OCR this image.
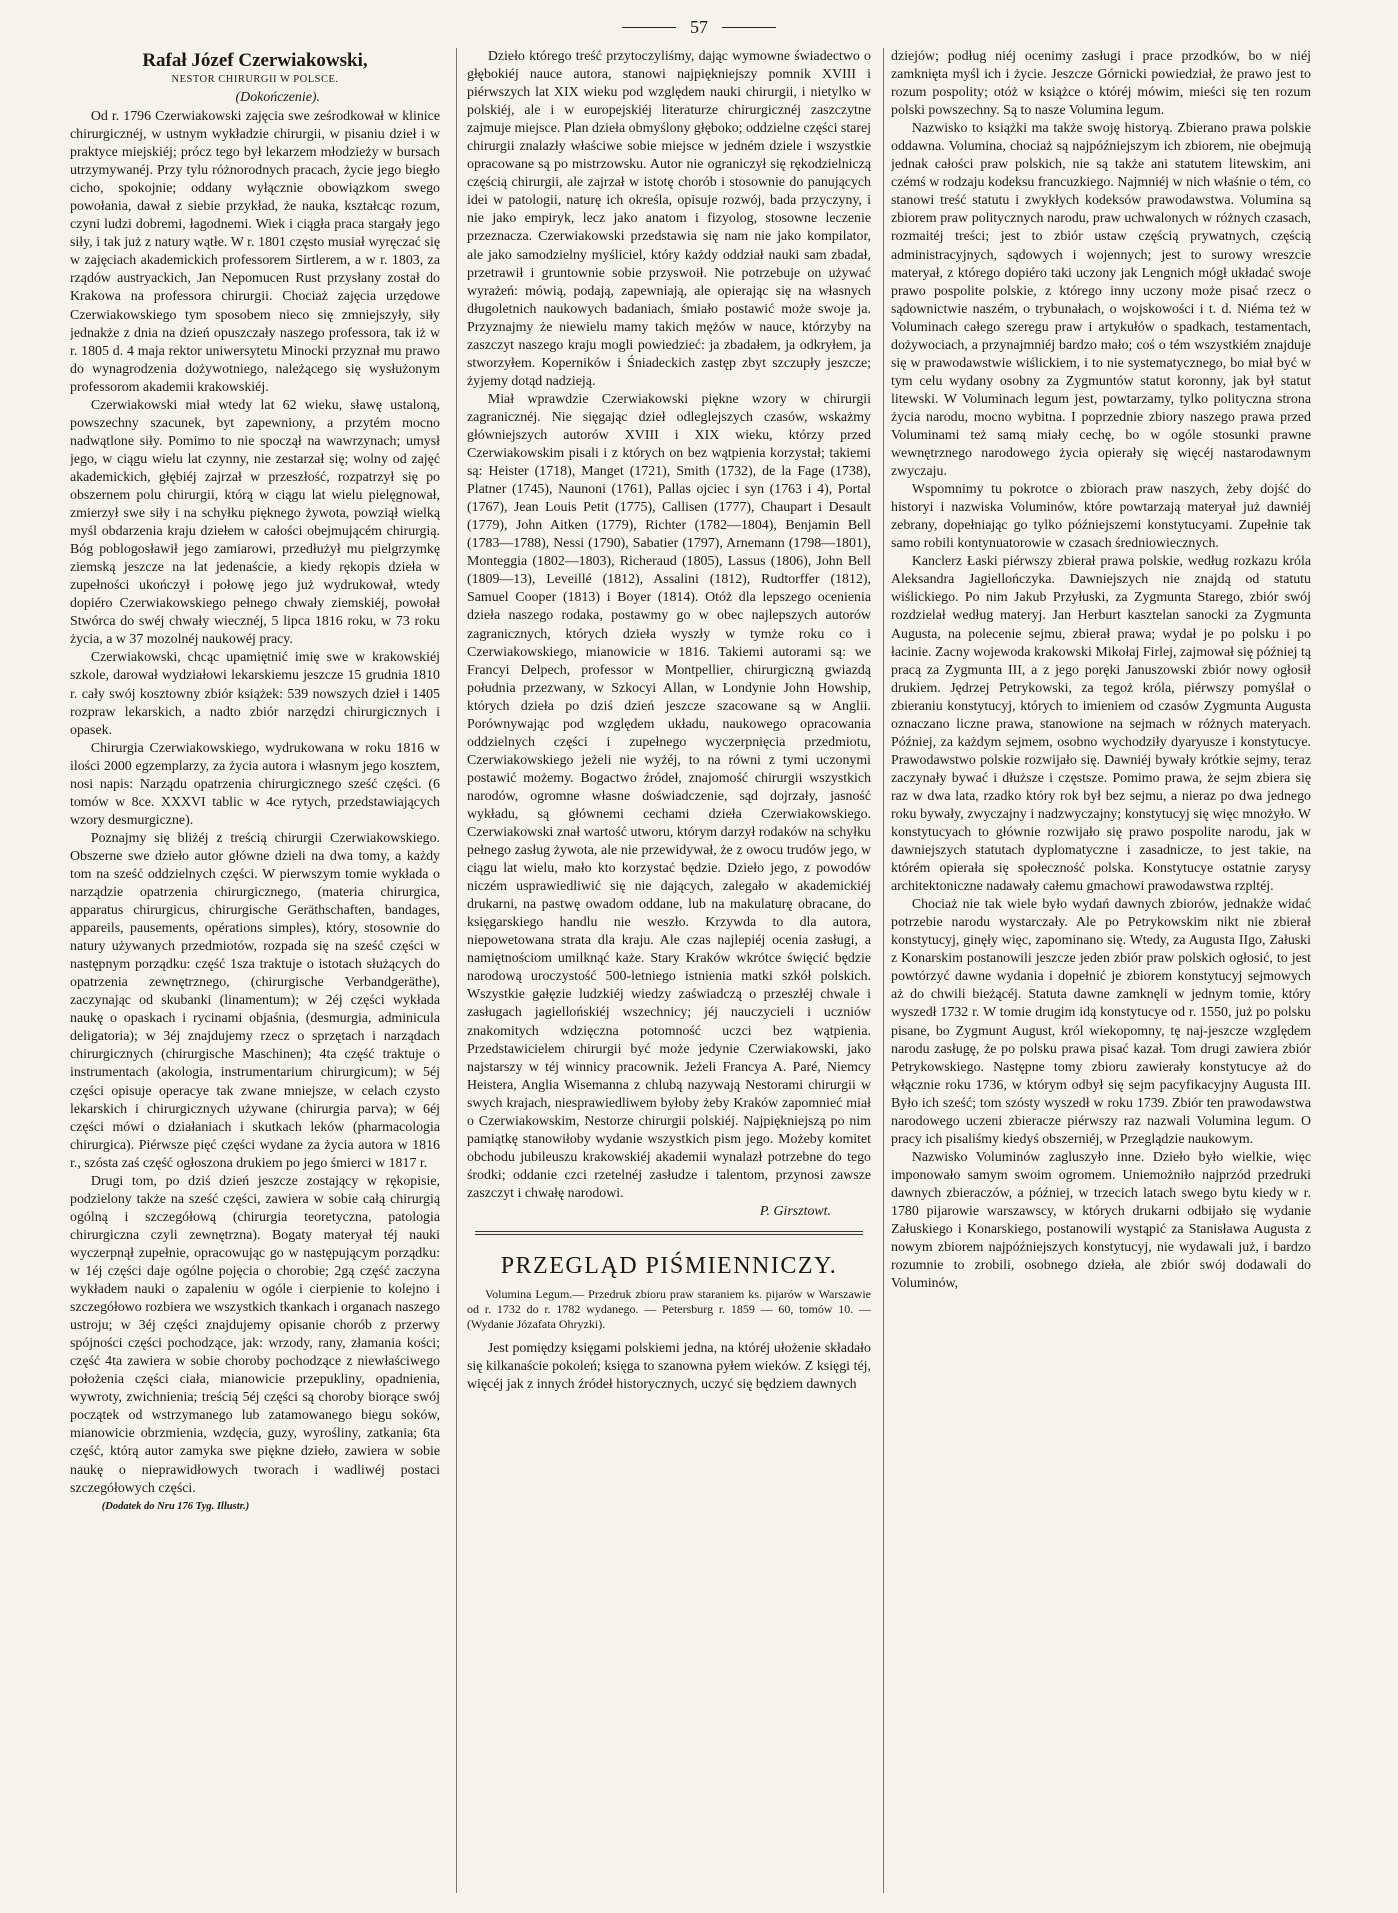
57
Rafał Józef Czerwiakowski,
NESTOR CHIRURGII W POLSCE.
(Dokończenie).

Od r. 1796 Czerwiakowski zajęcia swe ześrodkował w klinice chirurgicznéj, w ustnym wykładzie chirurgii, w pisaniu dzieł i w praktyce miejskiéj; prócz tego był lekarzem młodzieży w bursach utrzymywanéj. Przy tylu różnorodnych pracach, życie jego biegło cicho, spokojnie; oddany wyłącznie obowiązkom swego powołania, dawał z siebie przykład, że nauka, kształcąc rozum, czyni ludzi dobremi, łagodnemi. Wiek i ciągła praca stargały jego siły, i tak już z natury wątłe. W r. 1801 często musiał wyręczać się w zajęciach akademickich professorem Sirtlerem, a w r. 1803, za rządów austryackich, Jan Nepomucen Rust przysłany został do Krakowa na professora chirurgii. Chociaż zajęcia urzędowe Czerwiakowskiego tym sposobem nieco się zmniejszyły, siły jednakże z dnia na dzień opuszczały naszego professora, tak iż w r. 1805 d. 4 maja rektor uniwersytetu Minocki przyznał mu prawo do wynagrodzenia dożywotniego, należącego się wysłużonym professorom akademii krakowskiéj.

Czerwiakowski miał wtedy lat 62 wieku, sławę ustaloną, powszechny szacunek, byt zapewniony, a przytém mocno nadwątlone siły. Pomimo to nie spoczął na wawrzynach; umysł jego, w ciągu wielu lat czynny, nie zestarzał się; wolny od zajęć akademickich, głębiéj zajrzał w przeszłość, rozpatrzył się po obszernem polu chirurgii, którą w ciągu lat wielu pielęgnował, zmierzył swe siły i na schyłku pięknego żywota, powziął wielką myśl obdarzenia kraju dziełem w całości obejmującém chirurgią. Bóg poblogosławił jego zamiarowi, przedłużył mu pielgrzymkę ziemską jeszcze na lat jedenaście, a kiedy rękopis dzieła w zupełności ukończył i połowę jego już wydrukował, wtedy dopiéro Czerwiakowskiego pełnego chwały ziemskiéj, powołał Stwórca do swéj chwały wiecznéj, 5 lipca 1816 roku, w 73 roku życia, a w 37 mozolnéj naukowéj pracy.

Czerwiakowski, chcąc upamiętnić imię swe w krakowskiéj szkole, darował wydziałowi lekarskiemu jeszcze 15 grudnia 1810 r. cały swój kosztowny zbiór książek: 539 nowszych dzieł i 1405 rozpraw lekarskich, a nadto zbiór narzędzi chirurgicznych i opasek.

Chirurgia Czerwiakowskiego, wydrukowana w roku 1816 w ilości 2000 egzemplarzy, za życia autora i własnym jego kosztem, nosi napis: Narządu opatrzenia chirurgicznego sześć części. (6 tomów w 8ce. XXXVI tablic w 4ce rytych, przedstawiających wzory desmurgiczne).

Poznajmy się bliżéj z treścią chirurgii Czerwiakowskiego. Obszerne swe dzieło autor główne dzieli na dwa tomy, a każdy tom na sześć oddzielnych części. W pierwszym tomie wykłada o narządzie opatrzenia chirurgicznego, (materia chirurgica, apparatus chirurgicus, chirurgische Geräthschaften, bandages, appareils, pausements, opérations simples), który, stosownie do natury używanych przedmiotów, rozpada się na sześć części w następnym porządku: część 1sza traktuje o istotach służących do opatrzenia zewnętrznego, (chirurgische Verbandgeräthe), zaczynając od skubanki (linamentum); w 2éj części wykłada naukę o opaskach i rycinami objaśnia, (desmurgia, adminicula deligatoria); w 3éj znajdujemy rzecz o sprzętach i narządach chirurgicznych (chirurgische Maschinen); 4ta część traktuje o instrumentach (akologia, instrumentarium chirurgicum); w 5éj części opisuje operacye tak zwane mniejsze, w celach czysto lekarskich i chirurgicznych używane (chirurgia parva); w 6éj części mówi o działaniach i skutkach leków (pharmacologia chirurgica). Piérwsze pięć części wydane za życia autora w 1816 r., szósta zaś część ogłoszona drukiem po jego śmierci w 1817 r.

Drugi tom, po dziś dzień jeszcze zostający w rękopisie, podzielony także na sześć części, zawiera w sobie całą chirurgią ogólną i szczegółową (chirurgia teoretyczna, patologia chirurgiczna czyli zewnętrzna). Bogaty materyał téj nauki wyczerpnął zupełnie, opracowując go w następującym porządku: w 1éj części daje ogólne pojęcia o chorobie; 2gą część zaczyna wykładem nauki o zapaleniu w ogóle i cierpienie to kolejno i szczegółowo rozbiera we wszystkich tkankach i organach naszego ustroju; w 3éj części znajdujemy opisanie chorób z przerwy spójności części pochodzące, jak: wrzody, rany, złamania kości; część 4ta zawiera w sobie choroby pochodzące z niewłaściwego położenia części ciała, mianowicie przepukliny, opadnienia, wywroty, zwichnienia; treścią 5éj części są choroby biorące swój początek od wstrzymanego lub zatamowanego biegu soków, mianowicie obrzmienia, wzdęcia, guzy, wyrośliny, zatkania; 6ta część, którą autor zamyka swe piękne dzieło, zawiera w sobie naukę o nieprawidłowych tworach i wadliwéj postaci szczegółowych części.

(Dodatek do Nru 176 Tyg. Illustr.)

Dzieło którego treść przytoczyliśmy, dając wymowne świadectwo o głębokiéj nauce autora, stanowi najpiękniejszy pomnik XVIII i piérwszych lat XIX wieku pod względem nauki chirurgii, i nietylko w polskiéj, ale i w europejskiéj literaturze chirurgicznéj zaszczytne zajmuje miejsce. Plan dzieła obmyślony głęboko; oddzielne części starej chirurgii znalazły właściwe sobie miejsce w jedném dziele i wszystkie opracowane są po mistrzowsku. Autor nie ograniczył się rękodzielniczą częścią chirurgii, ale zajrzał w istotę chorób i stosownie do panujących idei w patologii, naturę ich określa, opisuje rozwój, bada przyczyny, i nie jako empiryk, lecz jako anatom i fizyolog, stosowne leczenie przeznacza. Czerwiakowski przedstawia się nam nie jako kompilator, ale jako samodzielny myśliciel, który każdy oddział nauki sam zbadał, przetrawił i gruntownie sobie przyswoił. Nie potrzebuje on używać wyrażeń: mówią, podają, zapewniają, ale opierając się na własnych długoletnich naukowych badaniach, śmiało postawić może swoje ja. Przyznajmy że niewielu mamy takich mężów w nauce, którzyby na zaszczyt naszego kraju mogli powiedzieć: ja zbadałem, ja odkryłem, ja stworzyłem. Koperników i Śniadeckich zastęp zbyt szczupły jeszcze; żyjemy dotąd nadzieją.

Miał wprawdzie Czerwiakowski piękne wzory w chirurgii zagranicznéj. Nie sięgając dzieł odleglejszych czasów, wskażmy główniejszych autorów XVIII i XIX wieku, którzy przed Czerwiakowskim pisali i z których on bez wątpienia korzystał; takiemi są: Heister (1718), Manget (1721), Smith (1732), de la Fage (1738), Platner (1745), Naunoni (1761), Pallas ojciec i syn (1763 i 4), Portal (1767), Jean Louis Petit (1775), Callisen (1777), Chaupart i Desault (1779), John Aitken (1779), Richter (1782—1804), Benjamin Bell (1783—1788), Nessi (1790), Sabatier (1797), Arnemann (1798—1801), Monteggia (1802—1803), Richeraud (1805), Lassus (1806), John Bell (1809—13), Leveillé (1812), Assalini (1812), Rudtorffer (1812), Samuel Cooper (1813) i Boyer (1814). Otóż dla lepszego ocenienia dzieła naszego rodaka, postawmy go w obec najlepszych autorów zagranicznych, których dzieła wyszły w tymże roku co i Czerwiakowskiego, mianowicie w 1816. Takiemi autorami są: we Francyi Delpech, professor w Montpellier, chirurgiczną gwiazdą południa przezwany, w Szkocyi Allan, w Londynie John Howship, których dzieła po dziś dzień jeszcze szacowane są w Anglii. Porównywając pod względem układu, naukowego opracowania oddzielnych części i zupełnego wyczerpnięcia przedmiotu, Czerwiakowskiego jeżeli nie wyżéj, to na równi z tymi uczonymi postawić możemy. Bogactwo źródeł, znajomość chirurgii wszystkich narodów, ogromne własne doświadczenie, sąd dojrzały, jasność wykładu, są głównemi cechami dzieła Czerwiakowskiego. Czerwiakowski znał wartość utworu, którym darzył rodaków na schyłku pełnego zasług żywota, ale nie przewidywał, że z owocu trudów jego, w ciągu lat wielu, mało kto korzystać będzie. Dzieło jego, z powodów niczém usprawiedliwić się nie dających, zalegało w akademickiéj drukarni, na pastwę owadom oddane, lub na makulaturę obracane, do księgarskiego handlu nie weszło. Krzywda to dla autora, niepowetowana strata dla kraju. Ale czas najlepiéj ocenia zasługi, a namiętnościom umilknąć każe. Stary Kraków wkrótce święcić będzie narodową uroczystość 500-letniego istnienia matki szkół polskich. Wszystkie gałęzie ludzkiéj wiedzy zaświadczą o przeszłéj chwale i zasługach jagiellońskiéj wszechnicy; jéj nauczycieli i uczniów znakomitych wdzięczna potomność uczci bez wątpienia. Przedstawicielem chirurgii być może jedynie Czerwiakowski, jako najstarszy w téj winnicy pracownik. Jeżeli Francya A. Paré, Niemcy Heistera, Anglia Wisemanna z chlubą nazywają Nestorami chirurgii w swych krajach, niesprawiedliwem byłoby żeby Kraków zapomnieć miał o Czerwiakowskim, Nestorze chirurgii polskiéj. Najpiękniejszą po nim pamiątkę stanowiłoby wydanie wszystkich pism jego. Możeby komitet obchodu jubileuszu krakowskiéj akademii wynalazł potrzebne do tego środki; oddanie czci rzetelnéj zasłudze i talentom, przynosi zawsze zaszczyt i chwałę narodowi.

P. Girsztowt.

PRZEGLĄD PIŚMIENNICZY.

Volumina Legum.— Przedruk zbioru praw staraniem ks. pijarów w Warszawie od r. 1732 do r. 1782 wydanego. — Petersburg r. 1859 — 60, tomów 10. — (Wydanie Józafata Ohryzki).

Jest pomiędzy księgami polskiemi jedna, na któréj ułożenie składało się kilkanaście pokoleń; księga to szanowna pyłem wieków. Z księgi téj, więcéj jak z innych źródeł historycznych, uczyć się będziem dawnych

dziejów; podług niéj ocenimy zasługi i prace przodków, bo w niéj zamknięta myśl ich i życie. Jeszcze Górnicki powiedział, że prawo jest to rozum pospolity; otóż w książce o któréj mówim, mieści się ten rozum polski powszechny. Są to nasze Volumina legum.

Nazwisko to książki ma także swoję historyą. Zbierano prawa polskie oddawna. Volumina, chociaż są najpóźniejszym ich zbiorem, nie obejmują jednak całości praw polskich, nie są także ani statutem litewskim, ani czémś w rodzaju kodeksu francuzkiego. Najmniéj w nich właśnie o tém, co stanowi treść statutu i zwykłych kodeksów prawodawstwa. Volumina są zbiorem praw politycznych narodu, praw uchwalonych w różnych czasach, rozmaitéj treści; jest to zbiór ustaw częścią prywatnych, częścią administracyjnych, sądowych i wojennych; jest to surowy wreszcie materyał, z którego dopiéro taki uczony jak Lengnich mógł układać swoje prawo pospolite polskie, z którego inny uczony może pisać rzecz o sądownictwie naszém, o trybunałach, o wojskowości i t. d. Niéma też w Voluminach całego szeregu praw i artykułów o spadkach, testamentach, dożywociach, a przynajmniéj bardzo mało; coś o tém wszystkiém znajduje się w prawodawstwie wiślickiem, i to nie systematycznego, bo miał być w tym celu wydany osobny za Zygmuntów statut koronny, jak był statut litewski. W Voluminach legum jest, powtarzamy, tylko polityczna strona życia narodu, mocno wybitna. I poprzednie zbiory naszego prawa przed Voluminami też samą miały cechę, bo w ogóle stosunki prawne wewnętrznego narodowego życia opierały się więcéj nastarodawnym zwyczaju.

Wspomnimy tu pokrotce o zbiorach praw naszych, żeby dojść do historyi i nazwiska Voluminów, które powtarzają materyał już dawniéj zebrany, dopełniając go tylko późniejszemi konstytucyami. Zupełnie tak samo robili kontynuatorowie w czasach średniowiecznych.

Kanclerz Łaski piérwszy zbierał prawa polskie, według rozkazu króla Aleksandra Jagiellończyka. Dawniejszych nie znajdą od statutu wiślickiego. Po nim Jakub Przyłuski, za Zygmunta Starego, zbiór swój rozdzielał według materyj. Jan Herburt kasztelan sanocki za Zygmunta Augusta, na polecenie sejmu, zbierał prawa; wydał je po polsku i po łacinie. Zacny wojewoda krakowski Mikołaj Firlej, zajmował się później tą pracą za Zygmunta III, a z jego poręki Januszowski zbiór nowy ogłosił drukiem. Jędrzej Petrykowski, za tegoż króla, piérwszy pomyślał o zbieraniu konstytucyj, których to imieniem od czasów Zygmunta Augusta oznaczano liczne prawa, stanowione na sejmach w różnych materyach. Później, za każdym sejmem, osobno wychodziły dyaryusze i konstytucye. Prawodawstwo polskie rozwijało się. Dawniéj bywały krótkie sejmy, teraz zaczynały bywać i dłuższe i częstsze. Pomimo prawa, że sejm zbiera się raz w dwa lata, rzadko który rok był bez sejmu, a nieraz po dwa jednego roku bywały, zwyczajny i nadzwyczajny; konstytucyj się więc mnożyło. W konstytucyach to głównie rozwijało się prawo pospolite narodu, jak w dawniejszych statutach dyplomatyczne i zasadnicze, to jest takie, na którém opierała się społeczność polska. Konstytucye ostatnie zarysy architektoniczne nadawały całemu gmachowi prawodawstwa rzpltéj.

Chociaż nie tak wiele było wydań dawnych zbiorów, jednakże widać potrzebie narodu wystarczały. Ale po Petrykowskim nikt nie zbierał konstytucyj, ginęły więc, zapominano się. Wtedy, za Augusta IIgo, Załuski z Konarskim postanowili jeszcze jeden zbiór praw polskich ogłosić, to jest powtórzyć dawne wydania i dopełnić je zbiorem konstytucyj sejmowych aż do chwili bieżącéj. Statuta dawne zamknęli w jednym tomie, który wyszedł 1732 r. W tomie drugim idą konstytucye od r. 1550, już po polsku pisane, bo Zygmunt August, król wiekopomny, tę naj-jeszcze względem narodu zasługę, że po polsku prawa pisać kazał. Tom drugi zawiera zbiór Petrykowskiego. Następne tomy zbioru zawierały konstytucye aż do włącznie roku 1736, w którym odbył się sejm pacyfikacyjny Augusta III. Było ich sześć; tom szósty wyszedł w roku 1739. Zbiór ten prawodawstwa narodowego uczeni zbieracze piérwszy raz nazwali Volumina legum. O pracy ich pisaliśmy kiedyś obszerniéj, w Przeglądzie naukowym.

Nazwisko Voluminów zagluszyło inne. Dzieło było wielkie, więc imponowało samym swoim ogromem. Uniemożniło najprzód przedruki dawnych zbieraczów, a później, w trzecich latach swego bytu kiedy w r. 1780 pijarowie warszawscy, w których drukarni odbijało się wydanie Załuskiego i Konarskiego, postanowili wystąpić za Stanisława Augusta z nowym zbiorem najpóźniejszych konstytucyj, nie wydawali już, i bardzo rozumnie to zrobili, osobnego dzieła, ale zbiór swój dodawali do Voluminów,
